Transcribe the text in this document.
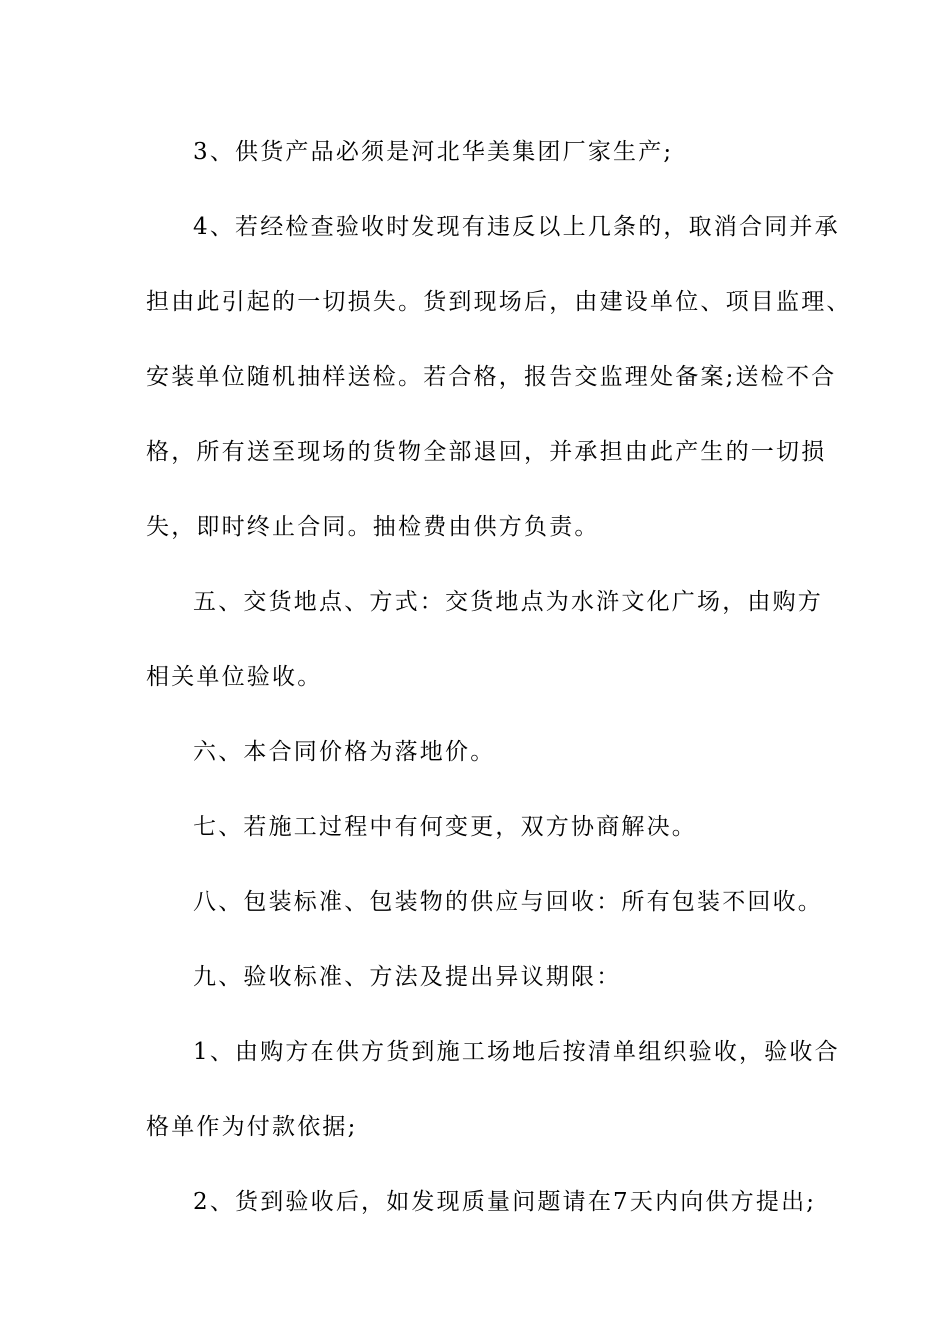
3、供货产品必须是河北华美集团厂家生产;
4、若经检查验收时发现有违反以上几条的，取消合同并承
担由此引起的一切损失。货到现场后，由建设单位、项目监理、
安装单位随机抽样送检。若合格，报告交监理处备案;送检不合
格，所有送至现场的货物全部退回，并承担由此产生的一切损
失，即时终止合同。抽检费由供方负责。
五、交货地点、方式：交货地点为水浒文化广场，由购方
相关单位验收。
六、本合同价格为落地价。
七、若施工过程中有何变更，双方协商解决。
八、包装标准、包装物的供应与回收：所有包装不回收。
九、验收标准、方法及提出异议期限：
1、由购方在供方货到施工场地后按清单组织验收，验收合
格单作为付款依据;
2、货到验收后，如发现质量问题请在7天内向供方提出;
